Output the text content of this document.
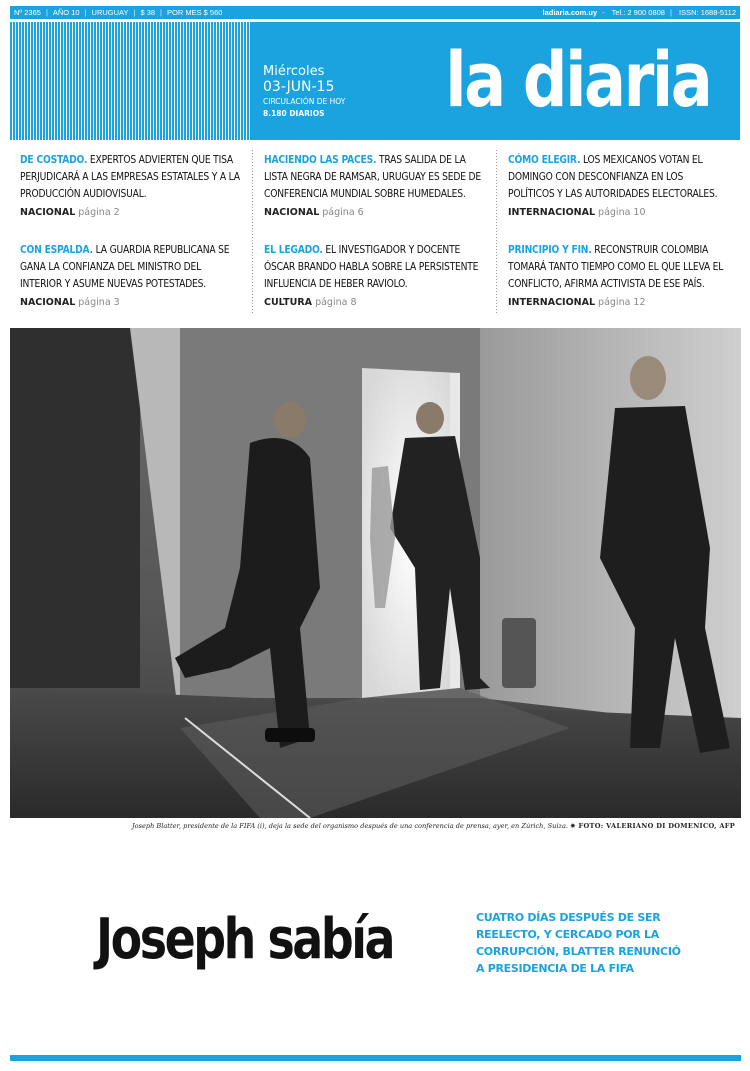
Nº 2365 | AÑO 10 | URUGUAY | $ 38 | POR MES $ 560	ladiaria.com.uy - Tel.: 2 900 0808 | ISSN: 1688-5112
Miércoles
03-JUN-15
CIRCULACIÓN DE HOY
8.180 DIARIOS la diaria
DE COSTADO. EXPERTOS ADVIERTEN QUE TISA PERJUDICARÁ A LAS EMPRESAS ESTATALES Y A LA PRODUCCIÓN AUDIOVISUAL.
NACIONAL página 2
HACIENDO LAS PACES. TRAS SALIDA DE LA LISTA NEGRA DE RAMSAR, URUGUAY ES SEDE DE CONFERENCIA MUNDIAL SOBRE HUMEDALES.
NACIONAL página 6
CÓMO ELEGIR. LOS MEXICANOS VOTAN EL DOMINGO CON DESCONFIANZA EN LOS POLÍTICOS Y LAS AUTORIDADES ELECTORALES.
INTERNACIONAL página 10
CON ESPALDA. LA GUARDIA REPUBLICANA SE GANA LA CONFIANZA DEL MINISTRO DEL INTERIOR Y ASUME NUEVAS POTESTADES.
NACIONAL página 3
EL LEGADO. EL INVESTIGADOR Y DOCENTE ÓSCAR BRANDO HABLA SOBRE LA PERSISTENTE INFLUENCIA DE HEBER RAVIOLO.
CULTURA página 8
PRINCIPIO Y FIN. RECONSTRUIR COLOMBIA TOMARÁ TANTO TIEMPO COMO EL QUE LLEVA EL CONFLICTO, AFIRMA ACTIVISTA DE ESE PAÍS.
INTERNACIONAL página 12
Joseph Blatter, presidente de la FIFA (i), deja la sede del organismo después de una conferencia de prensa, ayer, en Zúrich, Suiza. ✷ FOTO: VALERIANO DI DOMENICO, AFP
Joseph sabía	CUATRO DÍAS DESPUÉS DE SER REELECTO, Y CERCADO POR LA CORRUPCIÓN, BLATTER RENUNCIÓ A PRESIDENCIA DE LA FIFA
